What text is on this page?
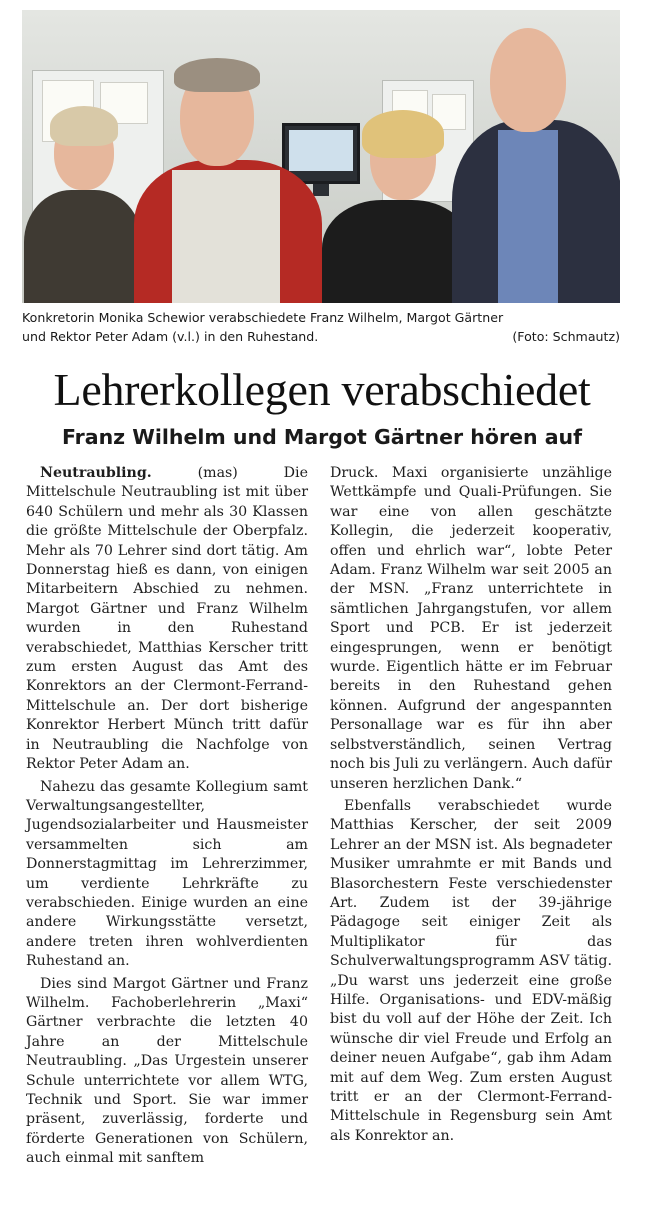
Konkretorin Monika Schewior verabschiedete Franz Wilhelm, Margot Gärtner
und Rektor Peter Adam (v.l.) in den Ruhestand.	(Foto: Schmautz)
Lehrerkollegen verabschiedet
Franz Wilhelm und Margot Gärtner hören auf

Neutraubling.	(mas) Die Mittelschule Neutraubling ist mit über 640 Schülern und mehr als 30 Klassen die größte Mittelschule der Oberpfalz. Mehr als 70 Lehrer sind dort tätig. Am Donnerstag hieß es dann, von einigen Mitarbeitern Abschied zu nehmen. Margot Gärtner und Franz Wilhelm wurden in den Ruhestand verabschiedet, Matthias Kerscher tritt zum ersten August das Amt des Konrektors an der Clermont-Ferrand-Mittelschule an. Der dort bisherige Konrektor Herbert Münch tritt dafür in Neutraubling die Nachfolge von Rektor Peter Adam an.

Nahezu das gesamte Kollegium samt Verwaltungsangestellter, Jugendsozialarbeiter und Hausmeister versammelten sich am Donnerstagmittag im Lehrerzimmer, um verdiente Lehrkräfte zu verabschieden. Einige wurden an eine andere Wirkungsstätte versetzt, andere treten ihren wohlverdienten Ruhestand an.

Dies sind Margot Gärtner und Franz Wilhelm. Fachoberlehrerin „Maxi“ Gärtner verbrachte die letzten 40 Jahre an der Mittelschule Neutraubling. „Das Urgestein unserer Schule unterrichtete vor allem WTG, Technik und Sport. Sie war immer präsent, zuverlässig, forderte und förderte Generationen von Schülern, auch einmal mit sanftem

Druck. Maxi organisierte unzählige Wettkämpfe und Quali-Prüfungen. Sie war eine von allen geschätzte Kollegin, die jederzeit kooperativ, offen und ehrlich war“, lobte Peter Adam. Franz Wilhelm war seit 2005 an der MSN. „Franz unterrichtete in sämtlichen Jahrgangstufen, vor allem Sport und PCB. Er ist jederzeit eingesprungen, wenn er benötigt wurde. Eigentlich hätte er im Februar bereits in den Ruhestand gehen können. Aufgrund der angespannten Personallage war es für ihn aber selbstverständlich, seinen Vertrag noch bis Juli zu verlängern. Auch dafür unseren herzlichen Dank.“

Ebenfalls verabschiedet wurde Matthias Kerscher, der seit 2009 Lehrer an der MSN ist. Als begnadeter Musiker umrahmte er mit Bands und Blasorchestern Feste verschiedenster Art. Zudem ist der 39-jährige Pädagoge seit einiger Zeit als Multiplikator für das Schulverwaltungsprogramm ASV tätig. „Du warst uns jederzeit eine große Hilfe. Organisations- und EDV-mäßig bist du voll auf der Höhe der Zeit. Ich wünsche dir viel Freude und Erfolg an deiner neuen Aufgabe“, gab ihm Adam mit auf dem Weg. Zum ersten August tritt er an der Clermont-Ferrand-Mittelschule in Regensburg sein Amt als Konrektor an.
